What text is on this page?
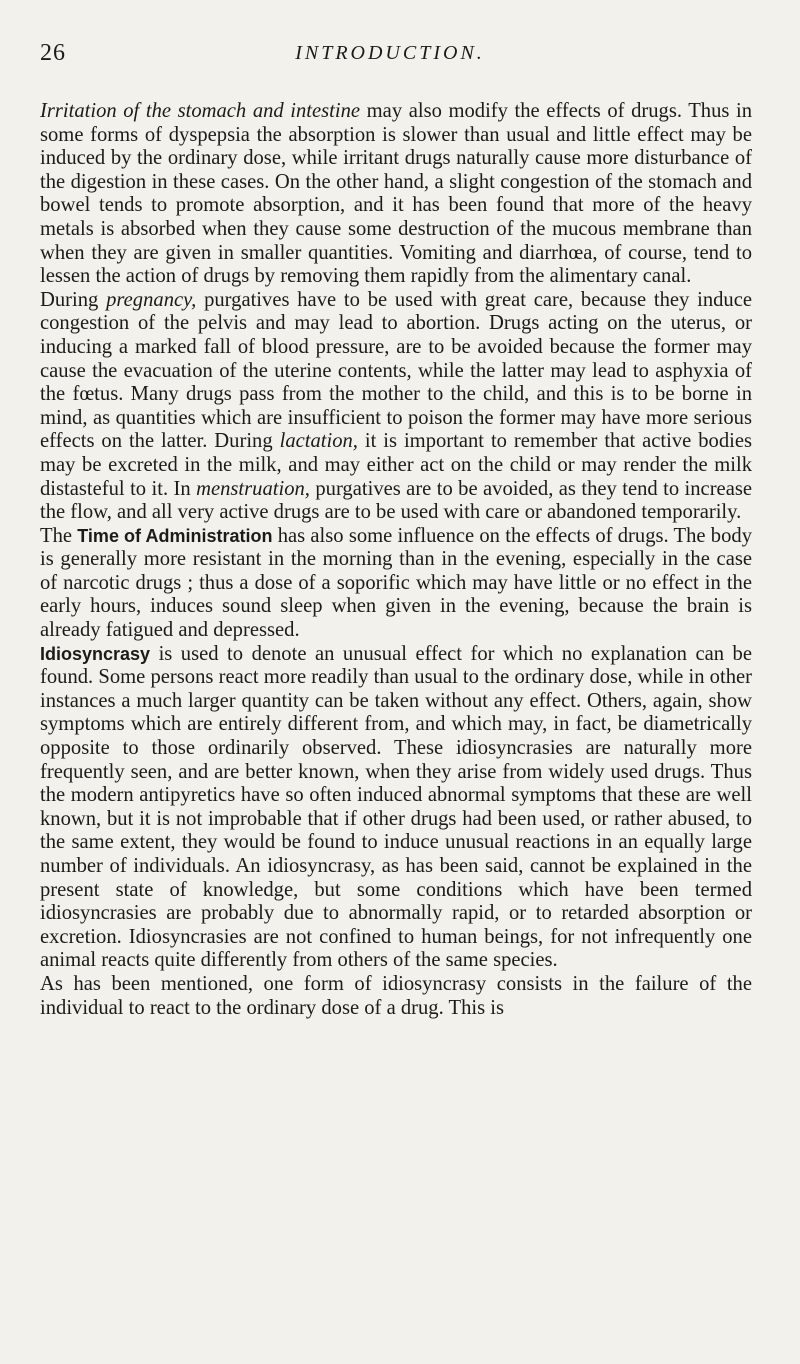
26	INTRODUCTION.

Irritation of the stomach and intestine may also modify the effects of drugs. Thus in some forms of dyspepsia the absorption is slower than usual and little effect may be induced by the ordinary dose, while irritant drugs naturally cause more disturbance of the digestion in these cases. On the other hand, a slight congestion of the stomach and bowel tends to promote absorption, and it has been found that more of the heavy metals is absorbed when they cause some destruction of the mucous membrane than when they are given in smaller quantities. Vomiting and diarrhœa, of course, tend to lessen the action of drugs by removing them rapidly from the alimentary canal.

During pregnancy, purgatives have to be used with great care, because they induce congestion of the pelvis and may lead to abortion. Drugs acting on the uterus, or inducing a marked fall of blood pressure, are to be avoided because the former may cause the evacuation of the uterine contents, while the latter may lead to asphyxia of the fœtus. Many drugs pass from the mother to the child, and this is to be borne in mind, as quantities which are insufficient to poison the former may have more serious effects on the latter. During lactation, it is important to remember that active bodies may be excreted in the milk, and may either act on the child or may render the milk distasteful to it. In menstruation, purgatives are to be avoided, as they tend to increase the flow, and all very active drugs are to be used with care or abandoned temporarily.

The Time of Administration has also some influence on the effects of drugs. The body is generally more resistant in the morning than in the evening, especially in the case of narcotic drugs ; thus a dose of a soporific which may have little or no effect in the early hours, induces sound sleep when given in the evening, because the brain is already fatigued and depressed.

Idiosyncrasy is used to denote an unusual effect for which no explanation can be found. Some persons react more readily than usual to the ordinary dose, while in other instances a much larger quantity can be taken without any effect. Others, again, show symptoms which are entirely different from, and which may, in fact, be diametrically opposite to those ordinarily observed. These idiosyncrasies are naturally more frequently seen, and are better known, when they arise from widely used drugs. Thus the modern antipyretics have so often induced abnormal symptoms that these are well known, but it is not improbable that if other drugs had been used, or rather abused, to the same extent, they would be found to induce unusual reactions in an equally large number of individuals. An idiosyncrasy, as has been said, cannot be explained in the present state of knowledge, but some conditions which have been termed idiosyncrasies are probably due to abnormally rapid, or to retarded absorption or excretion. Idiosyncrasies are not confined to human beings, for not infrequently one animal reacts quite differently from others of the same species.

As has been mentioned, one form of idiosyncrasy consists in the failure of the individual to react to the ordinary dose of a drug. This is
